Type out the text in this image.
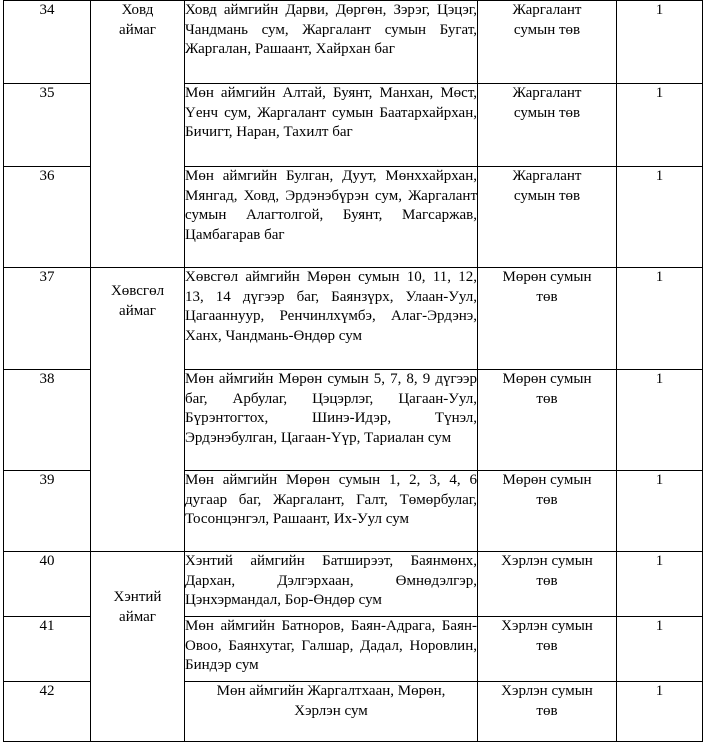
34	Ховд аймаг	Ховд аймгийн Дарви, Дөргөн, Зэрэг, Цэцэг, Чандмань сум, Жаргалант сумын Бугат, Жаргалан, Рашаант, Хайрхан баг	Жаргалант сумын төв	1
35		Мөн аймгийн Алтай, Буянт, Манхан, Мөст, Үенч сум, Жаргалант сумын Баатархайрхан, Бичигт, Наран, Тахилт баг	Жаргалант сумын төв	1
36		Мөн аймгийн Булган, Дуут, Мөнххайрхан, Мянгад, Ховд, Эрдэнэбүрэн сум, Жаргалант сумын Алагтолгой, Буянт, Магсаржав, Цамбагарав баг	Жаргалант сумын төв	1
37	Хөвсгөл аймаг	Хөвсгөл аймгийн Мөрөн сумын 10, 11, 12, 13, 14 дүгээр баг, Баянзүрх, Улаан-Уул, Цагааннуур, Ренчинлхүмбэ, Алаг-Эрдэнэ, Ханх, Чандмань-Өндөр сум	Мөрөн сумын төв	1
38		Мөн аймгийн Мөрөн сумын 5, 7, 8, 9 дүгээр баг, Арбулаг, Цэцэрлэг, Цагаан-Уул, Бүрэнтогтох, Шинэ-Идэр, Түнэл, Эрдэнэбулган, Цагаан-Үүр, Тариалан сум	Мөрөн сумын төв	1
39		Мөн аймгийн Мөрөн сумын 1, 2, 3, 4, 6 дугаар баг, Жаргалант, Галт, Төмөрбулаг, Тосонцэнгэл, Рашаант, Их-Уул сум	Мөрөн сумын төв	1
40	Хэнтий аймаг	Хэнтий аймгийн Батширээт, Баянмөнх, Дархан, Дэлгэрхаан, Өмнөдэлгэр, Цэнхэрмандал, Бор-Өндөр сум	Хэрлэн сумын төв	1
41		Мөн аймгийн Батноров, Баян-Адрага, Баян-Овоо, Баянхутаг, Галшар, Дадал, Норовлин, Биндэр сум	Хэрлэн сумын төв	1
42		Мөн аймгийн Жаргалтхаан, Мөрөн, Хэрлэн сум	Хэрлэн сумын төв	1
